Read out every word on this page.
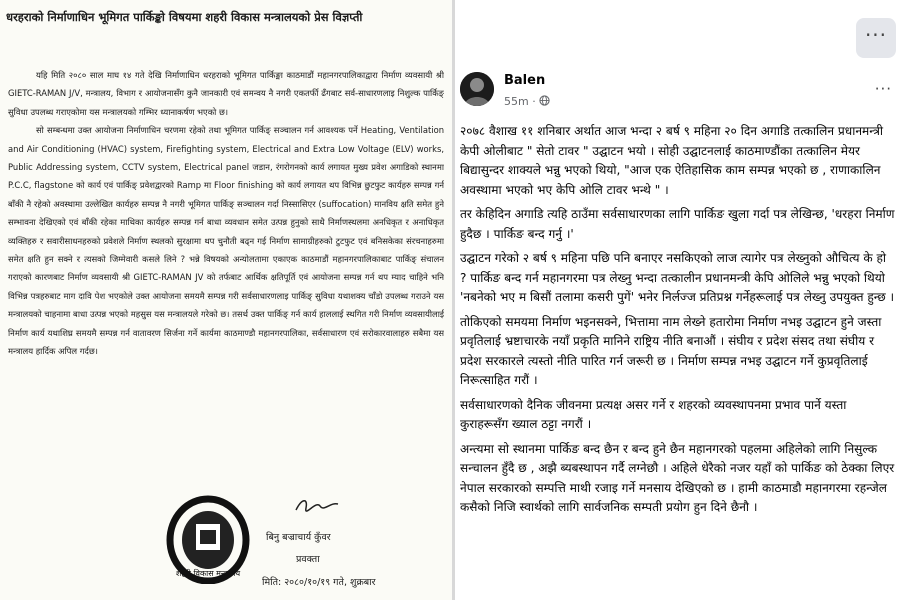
धरहराको निर्माणाधिन भूमिगत पार्किङ्को विषयमा शहरी विकास मन्त्रालयको प्रेस विज्ञप्ती

यहि मिति २०८० साल माघ १४ गते देखि निर्माणाधिन धरहराको भूमिगत पार्किङ्मा काठमाडौं महानगरपालिकाद्वारा निर्माण व्यवसायी श्री GIETC-RAMAN J/V, मन्त्रालय, विभाग र आयोजनासँग कुनै जानकारी एवं समन्वय नै नगरी एकतर्फी ढँगबाट सर्व-साधारणलाइ निशुल्क पार्किङ् सुविधा उपलब्ध गराएकोमा यस मन्त्रालयको गम्भिर ध्यानाकर्षण भएको छ।

सो सम्बन्धमा उक्त आयोजना निर्माणाधिन चरणमा रहेको तथा भूमिगत पार्किङ् सञ्चालन गर्न आवश्यक पर्ने Heating, Ventilation and Air Conditioning (HVAC) system, Firefighting system, Electrical and Extra Low Voltage (ELV) works, Public Addressing system, CCTV system, Electrical panel जडान, रंगरोगनको कार्य लगायत मुख्य प्रवेश अगाडिको स्थानमा P.C.C, flagstone को कार्य एवं पार्किङ् प्रवेशद्वारको Ramp मा Floor finishing को कार्य लगायत थप विभिन्न छुटफुट कार्यहरु सम्पन्न गर्न बाँकी नै रहेको अवस्थामा उल्लेखित कार्यहरु सम्पन्न नै नगरी भूमिगत पार्किङ् सञ्चालन गर्दा निस्सासिएर (suffocation) मानविय क्षति समेत हुने सम्भावना देखिएको एवं बाँकी रहेका माथिका कार्यहरु सम्पन्न गर्न बाधा व्यवधान समेत उत्पन्न हुनुको साथै निर्माणस्थलमा अनधिकृत र अनाधिकृत व्यक्तिहरु र सवारीसाधनहरुको प्रवेशले निर्माण स्थलको सुरक्षामा थप चुनौती बढ्न गई निर्माण सामाग्रीहरुको टुटफुट एवं बनिसकेका संरचनाहरुमा समेत क्षति हुन सक्ने र त्यसको जिम्मेवारी कसले लिने ? भन्ने विषयको अन्योलतामा एकाएक काठमाडौं महानगरपालिकाबाट पार्किङ् संचालन गराएको कारणबाट निर्माण व्यवसायी श्री GIETC-RAMAN JV को तर्फबाट आर्थिक क्षतिपूर्ति एवं आयोजना सम्पन्न गर्न थप म्याद चाहिने भनि विभिन्न पत्रहरुबाट माग दावि पेश भएकोले उक्त आयोजना समयमै सम्पन्न गरी सर्वसाधारणलाइ पार्किङ् सुविधा यथाशक्य चाँडो उपलब्ध गराउने यस मन्त्रालयको चाहनामा बाधा उत्पन्न भएको महसुस यस मन्त्रालयले गरेको छ। तसर्थ उक्त पार्किङ् गर्न कार्य हाललाई स्थगित गरी निर्माण व्यवसायीलाई निर्माण कार्य यथाशिघ्र समयमै सम्पन्न गर्न वातावरण सिर्जना गर्ने कार्यमा काठमाण्डौ महानगरपालिका, सर्वसाधारण एवं सरोकारवालाहरु सबैमा यस मन्त्रालय हार्दिक अपिल गर्दछ।

शहरी विकास मन्त्रालय
बिनु बज्राचार्य कुँवर
प्रवक्ता
मिति: २०८०/१०/१९ गते, शुक्रबार
···
Balen
55m ·
···

२०७८ वैशाख ११ शनिबार अर्थात आज भन्दा २ बर्ष ९ महिना २० दिन अगाडि तत्कालिन प्रधानमन्त्री केपी ओलीबाट " सेतो टावर " उद्घाटन भयो । सोही उद्घाटनलाई काठमाण्डौंका तत्कालिन मेयर बिद्यासुन्दर शाक्यले भन्नु भएको थियो, "आज एक ऐतिहासिक काम सम्पन्न भएको छ , राणाकालिन अवस्थामा भएको भए केपि ओलि टावर भन्थे " ।

तर केहिदिन अगाडि त्यहि ठाउँमा सर्वसाधारणका लागि पार्किङ खुला गर्दा पत्र लेखिन्छ, 'धरहरा निर्माण हुदैछ । पार्किङ बन्द गर्नु ।'

उद्घाटन गरेको २ बर्ष ९ महिना पछि पनि बनाएर नसकिएको लाज त्यागेर पत्र लेख्नुको औचित्य के हो ? पार्किङ बन्द गर्न महानगरमा पत्र लेख्नु भन्दा तत्कालीन प्रधानमन्त्री केपि ओलिले भन्नु भएको थियो 'नबनेको भए म बिसौं तलामा कसरी पुगें' भनेर निर्लज्ज प्रतिप्रश्न गर्नेहरूलाई पत्र लेख्नु उपयुक्त हुन्छ ।

तोकिएको समयमा निर्माण भइनसक्ने, भित्तामा नाम लेख्ने हतारोमा निर्माण नभइ उद्घाटन हुने जस्ता प्रवृतिलाई भ्रष्टाचारके नयाँ प्रकृति मानिने राष्ट्रिय नीति बनाऔं । संघीय र प्रदेश संसद तथा संघीय र प्रदेश सरकारले त्यस्तो नीति पारित गर्न जरूरी छ । निर्माण सम्पन्न नभइ उद्घाटन गर्ने कुप्रवृतिलाई निरूत्साहित गरौं ।

सर्वसाधारणको दैनिक जीवनमा प्रत्यक्ष असर गर्ने र शहरको व्यवस्थापनमा प्रभाव पार्ने यस्ता कुराहरूसँग ख्याल ठट्टा नगरौं ।

अन्त्यमा सो स्थानमा पार्किङ बन्द छैन र बन्द हुने छैन महानगरको पहलमा अहिलेको लागि निसुल्क सन्चालन हुँदै छ , अझै ब्यबस्थापन गर्दै लग्नेछौ । अहिले धेरैको नजर यहाँ को पार्किङ को ठेक्का लिएर नेपाल सरकारको सम्पत्ति माथी रजाइ गर्ने मनसाय देखिएको छ । हामी काठमाडौ महानगरमा रहन्जेल कसैको निजि स्वार्थको लागि सार्वजनिक सम्पती प्रयोग हुन दिने छैनौ ।
